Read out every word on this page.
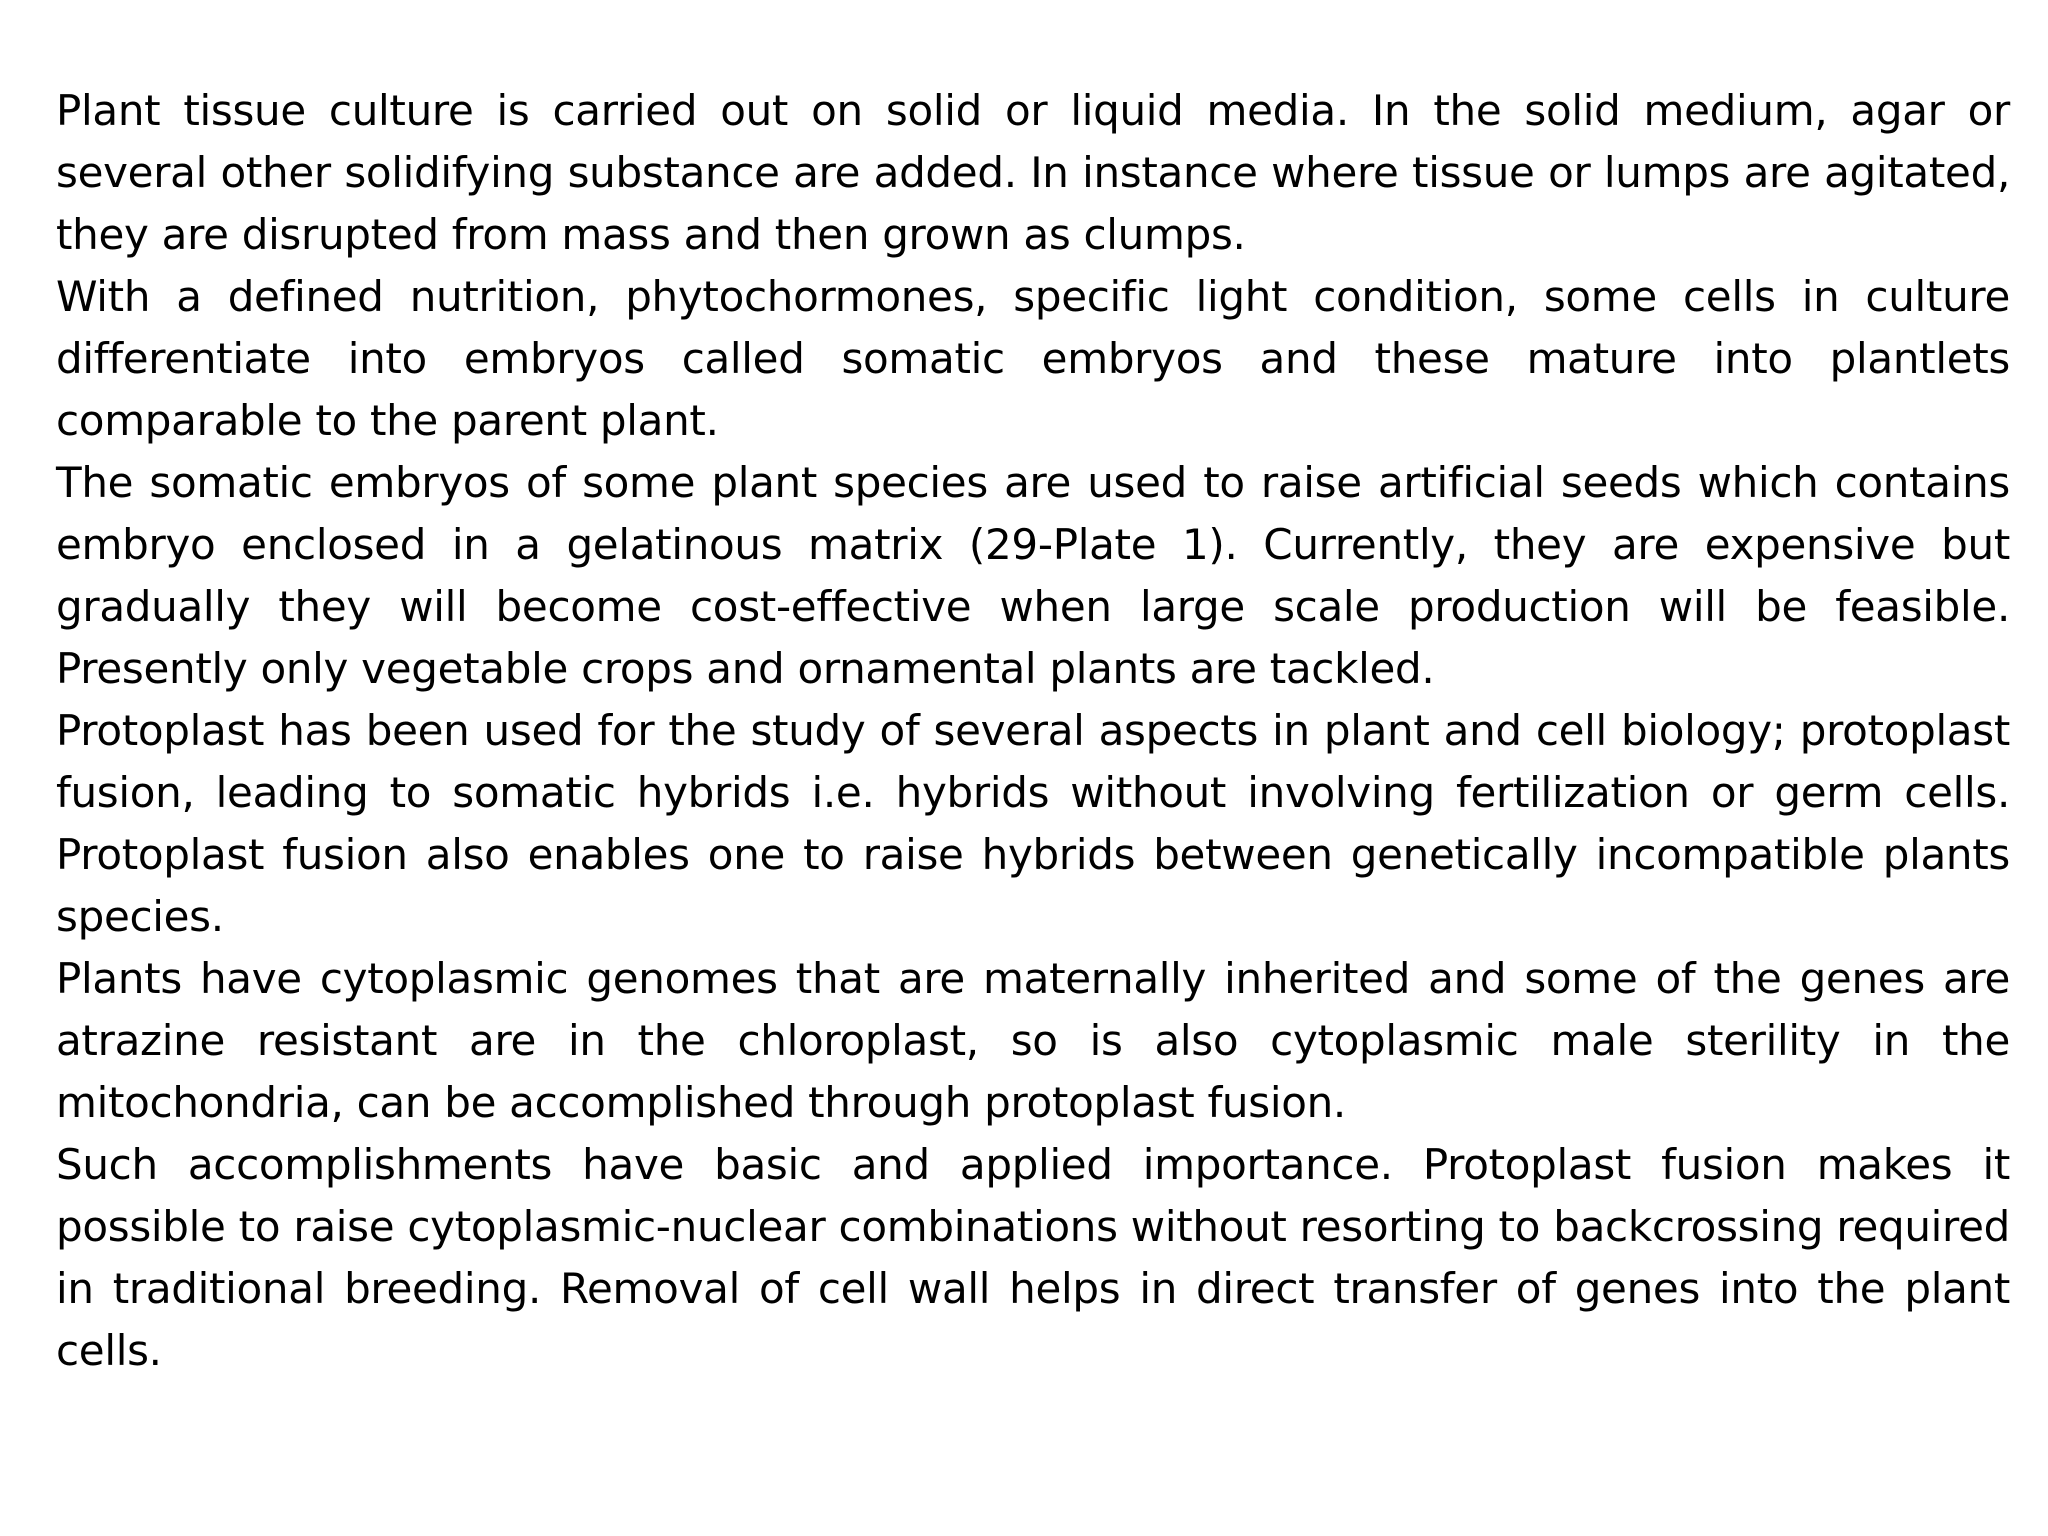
Plant tissue culture is carried out on solid or liquid media. In the solid medium, agar or several other solidifying substance are added. In instance where tissue or lumps are agitated, they are disrupted from mass and then grown as clumps.

With a defined nutrition, phytochormones, specific light condition, some cells in culture differentiate into embryos called somatic embryos and these mature into plantlets comparable to the parent plant.

The somatic embryos of some plant species are used to raise artificial seeds which contains embryo enclosed in a gelatinous matrix (29-Plate 1). Currently, they are expensive but gradually they will become cost-effective when large scale production will be feasible. Presently only vegetable crops and ornamental plants are tackled.

Protoplast has been used for the study of several aspects in plant and cell biology; protoplast fusion, leading to somatic hybrids i.e. hybrids without involving fertilization or germ cells. Protoplast fusion also enables one to raise hybrids between genetically incompatible plants species.

Plants have cytoplasmic genomes that are maternally inherited and some of the genes are atrazine resistant are in the chloroplast, so is also cytoplasmic male sterility in the mitochondria, can be accomplished through protoplast fusion.

Such accomplishments have basic and applied importance. Protoplast fusion makes it possible to raise cytoplasmic-nuclear combinations without resorting to backcrossing required in traditional breeding. Removal of cell wall helps in direct transfer of genes into the plant cells.
